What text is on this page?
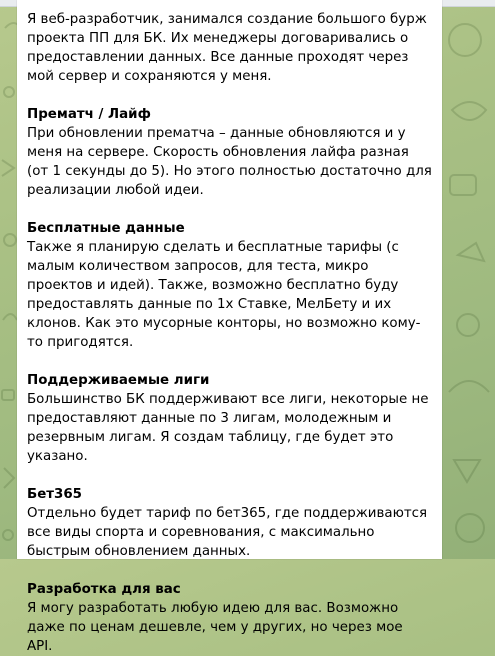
Я веб-разработчик, занимался создание большого бурж проекта ПП для БК. Их менеджеры договаривались о предоставлении данных. Все данные проходят через мой сервер и сохраняются у меня.

Прематч / Лайф
При обновлении прематча – данные обновляются и у меня на сервере. Скорость обновления лайфа разная (от 1 секунды до 5). Но этого полностью достаточно для реализации любой идеи.
Бесплатные данные
Также я планирую сделать и бесплатные тарифы (с малым количеством запросов, для теста, микро проектов и идей). Также, возможно бесплатно буду предоставлять данные по 1х Ставке, МелБету и их клонов. Как это мусорные конторы, но возможно кому-то пригодятся.
Поддерживаемые лиги
Большинство БК поддерживают все лиги, некоторые не предоставляют данные по 3 лигам, молодежным и резервным лигам. Я создам таблицу, где будет это указано.
Бет365
Отдельно будет тариф по бет365, где поддерживаются все виды спорта и соревнования, с максимально быстрым обновлением данных.
Разработка для вас
Я могу разработать любую идею для вас. Возможно даже по ценам дешевле, чем у других, но через мое API.
